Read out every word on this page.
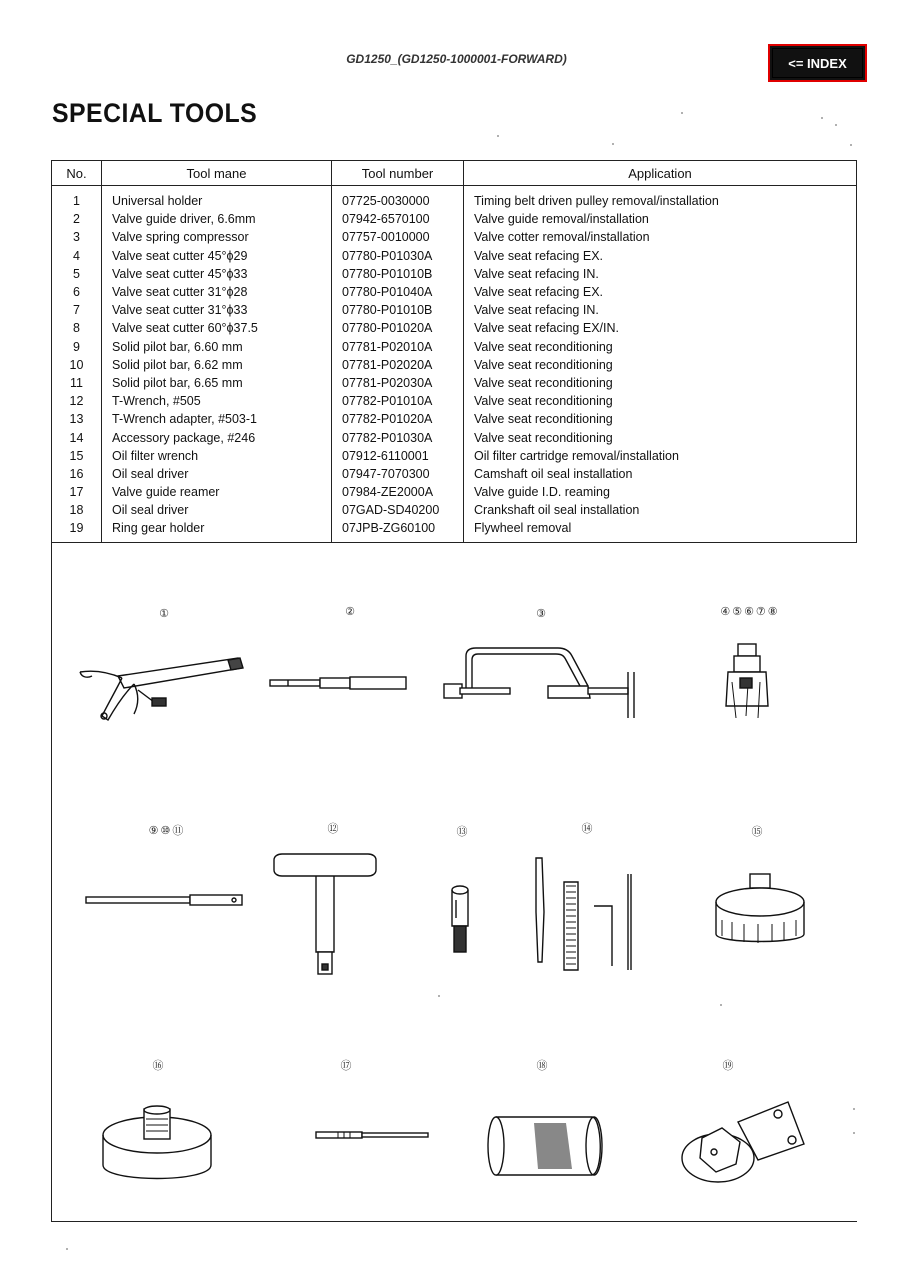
GD1250_(GD1250-1000001-FORWARD)	<= INDEX
SPECIAL TOOLS
No.	Tool mane	Tool number	Application
1	Universal holder	07725-0030000	Timing belt driven pulley removal/installation
2	Valve guide driver, 6.6mm	07942-6570100	Valve guide removal/installation
3	Valve spring compressor	07757-0010000	Valve cotter removal/installation
4	Valve seat cutter 45°ϕ29	07780-P01030A	Valve seat refacing EX.
5	Valve seat cutter 45°ϕ33	07780-P01010B	Valve seat refacing IN.
6	Valve seat cutter 31°ϕ28	07780-P01040A	Valve seat refacing EX.
7	Valve seat cutter 31°ϕ33	07780-P01010B	Valve seat refacing IN.
8	Valve seat cutter 60°ϕ37.5	07780-P01020A	Valve seat refacing EX/IN.
9	Solid pilot bar, 6.60 mm	07781-P02010A	Valve seat reconditioning
10	Solid pilot bar, 6.62 mm	07781-P02020A	Valve seat reconditioning
11	Solid pilot bar, 6.65 mm	07781-P02030A	Valve seat reconditioning
12	T-Wrench, #505	07782-P01010A	Valve seat reconditioning
13	T-Wrench adapter, #503-1	07782-P01020A	Valve seat reconditioning
14	Accessory package, #246	07782-P01030A	Valve seat reconditioning
15	Oil filter wrench	07912-6110001	Oil filter cartridge removal/installation
16	Oil seal driver	07947-7070300	Camshaft oil seal installation
17	Valve guide reamer	07984-ZE2000A	Valve guide I.D. reaming
18	Oil seal driver	07GAD-SD40200	Crankshaft oil seal installation
19	Ring gear holder	07JPB-ZG60100	Flywheel removal
①	②	③	④⑤⑥⑦⑧
⑨⑩⑪	⑫	⑬	⑭	⑮
⑯	⑰	⑱	⑲
